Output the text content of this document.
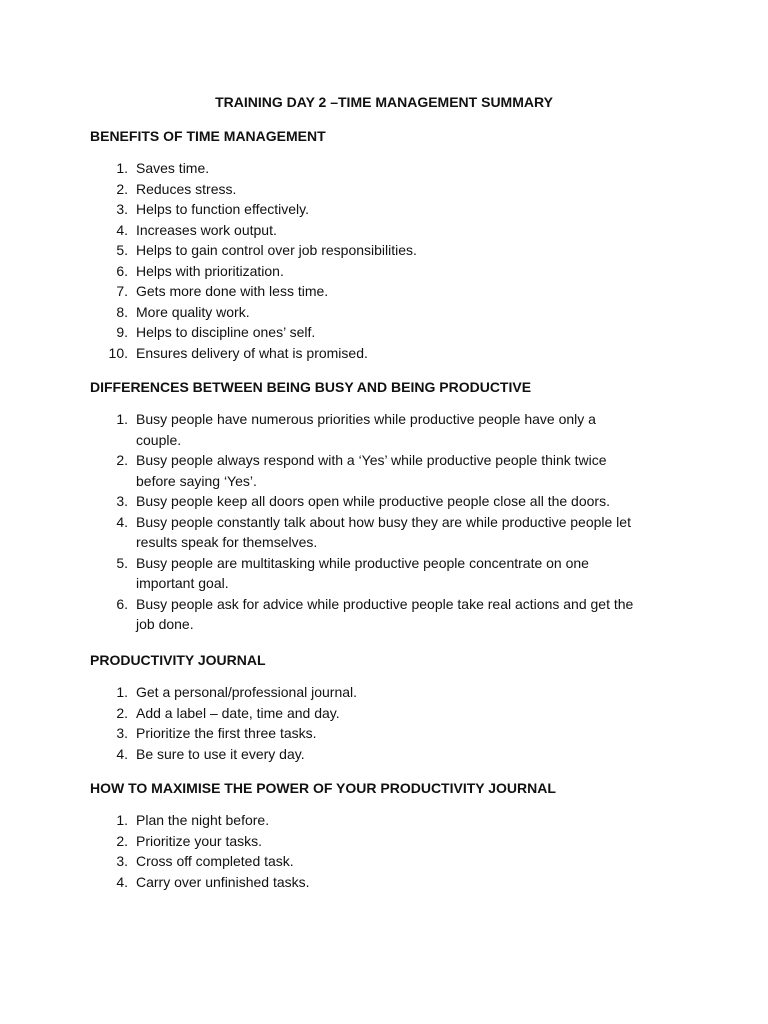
TRAINING DAY 2 –TIME MANAGEMENT SUMMARY
BENEFITS OF TIME MANAGEMENT
1. Saves time.
2. Reduces stress.
3. Helps to function effectively.
4. Increases work output.
5. Helps to gain control over job responsibilities.
6. Helps with prioritization.
7. Gets more done with less time.
8. More quality work.
9. Helps to discipline ones’ self.
10. Ensures delivery of what is promised.
DIFFERENCES BETWEEN BEING BUSY AND BEING PRODUCTIVE
1. Busy people have numerous priorities while productive people have only a
couple.
2. Busy people always respond with a ‘Yes’ while productive people think twice
before saying ‘Yes’.
3. Busy people keep all doors open while productive people close all the doors.
4. Busy people constantly talk about how busy they are while productive people let
results speak for themselves.
5. Busy people are multitasking while productive people concentrate on one
important goal.
6. Busy people ask for advice while productive people take real actions and get the
job done.
PRODUCTIVITY JOURNAL
1. Get a personal/professional journal.
2. Add a label – date, time and day.
3. Prioritize the first three tasks.
4. Be sure to use it every day.
HOW TO MAXIMISE THE POWER OF YOUR PRODUCTIVITY JOURNAL
1. Plan the night before.
2. Prioritize your tasks.
3. Cross off completed task.
4. Carry over unfinished tasks.
